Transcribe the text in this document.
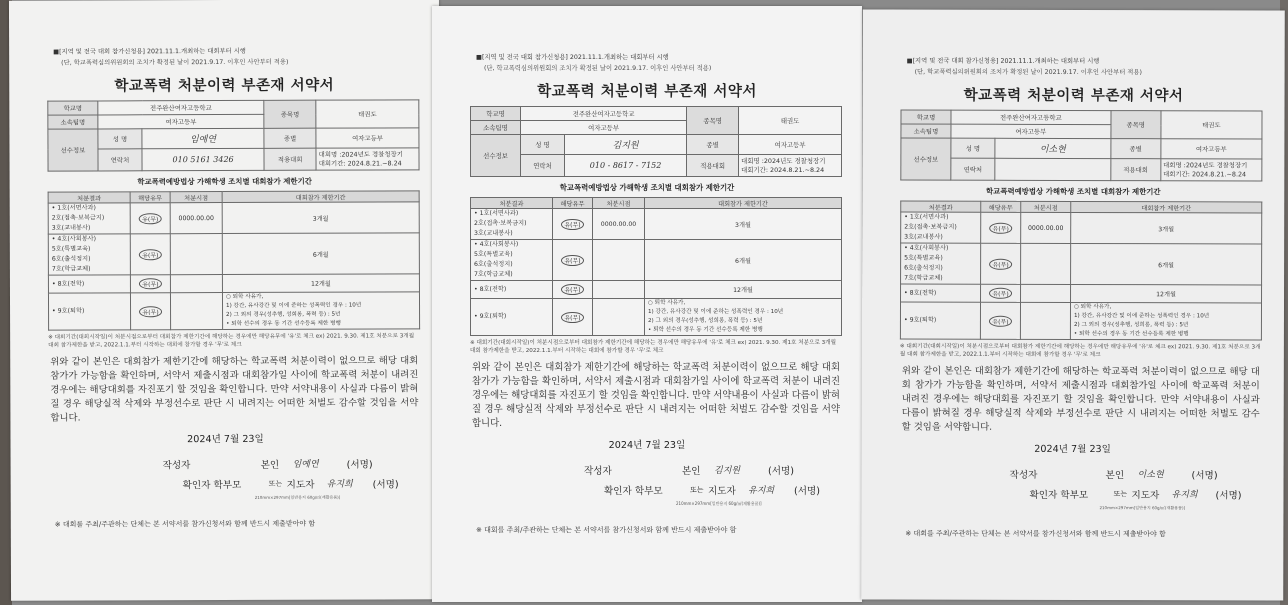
■[지역 및 전국 대회 참가신청용] 2021.11.1.개최하는 대회부터 시행
(단, 학교폭력심의위원회의 조치가 확정된 날이 2021.9.17. 이후인 사안부터 적용)
학교폭력 처분이력 부존재 서약서
학교명	전주완산여자고등학교		종목명	태권도
소속팀명	여자고등부			
선수정보	성 명	임예연	종별	여자고등부
	연락처	010 5161 3426	적용대회	대회명 :2024년도 경찰청장기
대회기간: 2024.8.21.~8.24
학교폭력예방법상 가해학생 조치별 대회참가 제한기간
처분결과	해당유무	처분시점	대회참가 제한기간

• 1호(서면사과)
2호(접촉·보복금지)
3호(교내봉사)	유(무)	0000.00.00	3개월

• 4호(사회봉사)
5호(특별교육)
6호(출석정지)
7호(학급교체)	유(무)		6개월
• 8호(전학)	유(무)		12개월
• 9호(퇴학)	유(무)		○ 퇴학 사유가,
1) 강간, 유사강간 및 이에 준하는 성폭력인 경우 : 10년
2) 그 외의 경우(성추행, 성희롱, 폭력 등) : 5년
• 퇴학 선수의 경우 동 기간 선수등록 제한 병행
※ 대회기간(대회시작일)이 처분시점으로부터 대회참가 제한기간에 해당하는 경우에만 해당유무에 '유'로 체크 ex) 2021. 9.30. 제1호 처분으로 3개월 대회 참가제한을 받고, 2022.1.1.부터 시작하는 대회에 참가할 경우 '무'로 체크
위와 같이 본인은 대회참가 제한기간에 해당하는 학교폭력 처분이력이 없으므로 해당 대회 참가가 가능함을 확인하며, 서약서 제출시점과 대회참가일 사이에 학교폭력 처분이 내려진 경우에는 해당대회를 자진포기 할 것임을 확인합니다. 만약 서약내용이 사실과 다름이 밝혀질 경우 해당실적 삭제와 부정선수로 판단 시 내려지는 어떠한 처벌도 감수할 것임을 서약합니다.
2024년 7월 23일
작성자	본인 임예연	(서명)
확인자 학부모	또는 지도자 유지희 (서명)
210mm×297mm[일반용지 60g/㎡(재활용품)]
※ 대회를 주최/주관하는 단체는 본 서약서를 참가신청서와 함께 반드시 제출받아야 함
■[지역 및 전국 대회 참가신청용] 2021.11.1.개최하는 대회부터 시행
(단, 학교폭력심의위원회의 조치가 확정된 날이 2021.9.17. 이후인 사안부터 적용)
학교폭력 처분이력 부존재 서약서
학교명	전주완산여자고등학교		종목명	태권도
소속팀명	여자고등부			
선수정보	성 명	김지원	종별	여자고등부
	연락처	010 - 8617 - 7152	적용대회	대회명 :2024년도 경찰청장기
대회기간: 2024.8.21.~8.24
학교폭력예방법상 가해학생 조치별 대회참가 제한기간
처분결과	해당유무	처분시점	대회참가 제한기간

• 1호(서면사과)
2호(접촉·보복금지)
3호(교내봉사)	유(무)	0000.00.00	3개월

• 4호(사회봉사)
5호(특별교육)
6호(출석정지)
7호(학급교체)	유(무)		6개월
• 8호(전학)	유(무)		12개월
• 9호(퇴학)	유(무)		○ 퇴학 사유가,
1) 강간, 유사강간 및 이에 준하는 성폭력인 경우 : 10년
2) 그 외의 경우(성추행, 성희롱, 폭력 등) : 5년
• 퇴학 선수의 경우 동 기간 선수등록 제한 병행
※ 대회기간(대회시작일)이 처분시점으로부터 대회참가 제한기간에 해당하는 경우에만 해당유무에 '유'로 체크 ex) 2021. 9.30. 제1호 처분으로 3개월 대회 참가제한을 받고, 2022.1.1.부터 시작하는 대회에 참가할 경우 '무'로 체크
위와 같이 본인은 대회참가 제한기간에 해당하는 학교폭력 처분이력이 없으므로 해당 대회 참가가 가능함을 확인하며, 서약서 제출시점과 대회참가일 사이에 학교폭력 처분이 내려진 경우에는 해당대회를 자진포기 할 것임을 확인합니다. 만약 서약내용이 사실과 다름이 밝혀질 경우 해당실적 삭제와 부정선수로 판단 시 내려지는 어떠한 처벌도 감수할 것임을 서약합니다.
2024년 7월 23일
작성자	본인 김지원	(서명)
확인자 학부모	또는 지도자 유지희 (서명)
210mm×297mm[일반용지 60g/㎡(재활용품)]
※ 대회를 주최/주관하는 단체는 본 서약서를 참가신청서와 함께 반드시 제출받아야 함
■[지역 및 전국 대회 참가신청용] 2021.11.1.개최하는 대회부터 시행
(단, 학교폭력심의위원회의 조치가 확정된 날이 2021.9.17. 이후인 사안부터 적용)
학교폭력 처분이력 부존재 서약서
학교명	전주완산여자고등학교		종목명	태권도
소속팀명	여자고등부			
선수정보	성 명	이소현	종별	여자고등부
	연락처		적용대회	대회명 :2024년도 경찰청장기
대회기간: 2024.8.21.~8.24
학교폭력예방법상 가해학생 조치별 대회참가 제한기간
처분결과	해당유무	처분시점	대회참가 제한기간

• 1호(서면사과)
2호(접촉·보복금지)
3호(교내봉사)	유(무)	0000.00.00	3개월

• 4호(사회봉사)
5호(특별교육)
6호(출석정지)
7호(학급교체)	유(무)		6개월
• 8호(전학)	유(무)		12개월
• 9호(퇴학)	유(무)		○ 퇴학 사유가,
1) 강간, 유사강간 및 이에 준하는 성폭력인 경우 : 10년
2) 그 외의 경우(성추행, 성희롱, 폭력 등) : 5년
• 퇴학 선수의 경우 동 기간 선수등록 제한 병행
※ 대회기간(대회시작일)이 처분시점으로부터 대회참가 제한기간에 해당하는 경우에만 해당유무에 '유'로 체크 ex) 2021. 9.30. 제1호 처분으로 3개월 대회 참가제한을 받고, 2022.1.1.부터 시작하는 대회에 참가할 경우 '무'로 체크
위와 같이 본인은 대회참가 제한기간에 해당하는 학교폭력 처분이력이 없으므로 해당 대회 참가가 가능함을 확인하며, 서약서 제출시점과 대회참가일 사이에 학교폭력 처분이 내려진 경우에는 해당대회를 자진포기 할 것임을 확인합니다. 만약 서약내용이 사실과 다름이 밝혀질 경우 해당실적 삭제와 부정선수로 판단 시 내려지는 어떠한 처벌도 감수할 것임을 서약합니다.
2024년 7월 23일
작성자	본인 이소현	(서명)
확인자 학부모	또는 지도자 유지희 (서명)
210mm×297mm[일반용지 60g/㎡(재활용품)]
※ 대회를 주최/주관하는 단체는 본 서약서를 참가신청서와 함께 반드시 제출받아야 함
